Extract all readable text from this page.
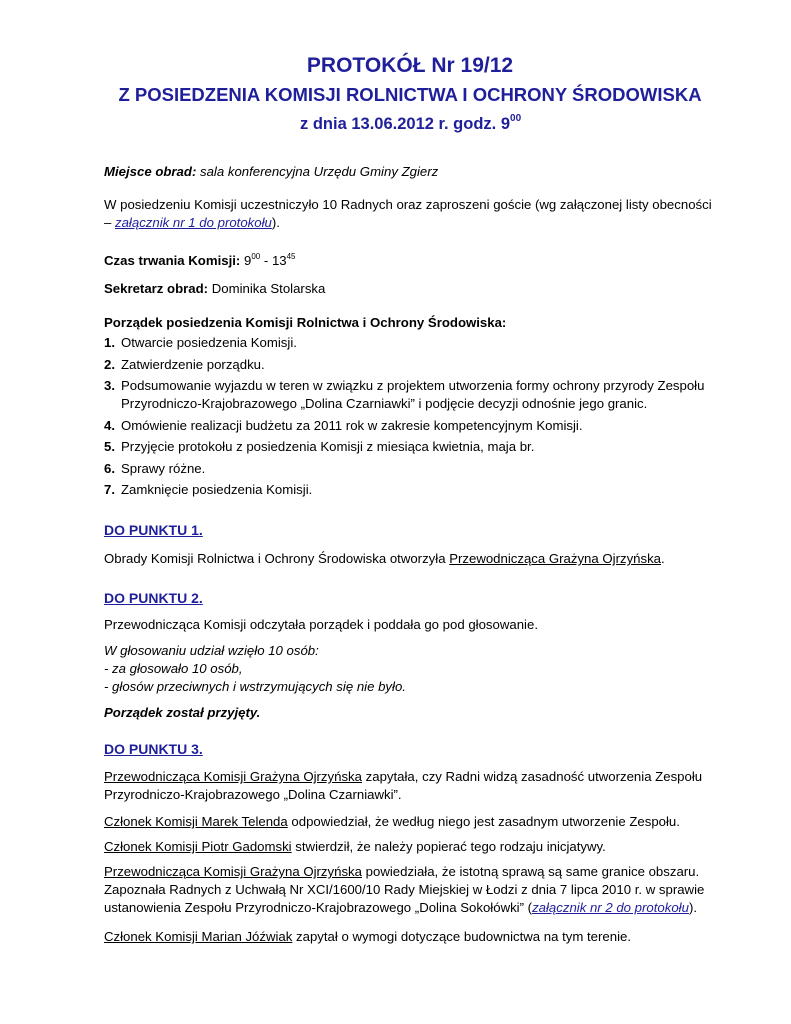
PROTOKÓŁ Nr 19/12
Z POSIEDZENIA KOMISJI ROLNICTWA I OCHRONY ŚRODOWISKA
z dnia 13.06.2012 r. godz. $9^{00}$

Miejsce obrad: sala konferencyjna Urzędu Gminy Zgierz

W posiedzeniu Komisji uczestniczyło 10 Radnych oraz zaproszeni goście (wg załączonej listy obecności – załącznik nr 1 do protokołu).

Czas trwania Komisji: $9^{00} - 13^{45}$

Sekretarz obrad: Dominika Stolarska

Porządek posiedzenia Komisji Rolnictwa i Ochrony Środowiska:

1. Otwarcie posiedzenia Komisji.
2. Zatwierdzenie porządku.
3. Podsumowanie wyjazdu w teren w związku z projektem utworzenia formy ochrony przyrody Zespołu Przyrodniczo-Krajobrazowego „Dolina Czarniawki” i podjęcie decyzji odnośnie jego granic.
4. Omówienie realizacji budżetu za 2011 rok w zakresie kompetencyjnym Komisji.
5. Przyjęcie protokołu z posiedzenia Komisji z miesiąca kwietnia, maja br.
6. Sprawy różne.
7. Zamknięcie posiedzenia Komisji.

DO PUNKTU 1.

Obrady Komisji Rolnictwa i Ochrony Środowiska otworzyła Przewodnicząca Grażyna Ojrzyńska.

DO PUNKTU 2.

Przewodnicząca Komisji odczytała porządek i poddała go pod głosowanie.

W głosowaniu udział wzięło 10 osób:

- za głosowało 10 osób,

- głosów przeciwnych i wstrzymujących się nie było.

Porządek został przyjęty.

DO PUNKTU 3.

Przewodnicząca Komisji Grażyna Ojrzyńska zapytała, czy Radni widzą zasadność utworzenia Zespołu Przyrodniczo-Krajobrazowego „Dolina Czarniawki”.

Członek Komisji Marek Telenda odpowiedział, że według niego jest zasadnym utworzenie Zespołu.

Członek Komisji Piotr Gadomski stwierdził, że należy popierać tego rodzaju inicjatywy.

Przewodnicząca Komisji Grażyna Ojrzyńska powiedziała, że istotną sprawą są same granice obszaru. Zapoznała Radnych z Uchwałą Nr XCI/1600/10 Rady Miejskiej w Łodzi z dnia 7 lipca 2010 r. w sprawie ustanowienia Zespołu Przyrodniczo-Krajobrazowego „Dolina Sokołówki” (załącznik nr 2 do protokołu).

Członek Komisji Marian Jóźwiak zapytał o wymogi dotyczące budownictwa na tym terenie.
